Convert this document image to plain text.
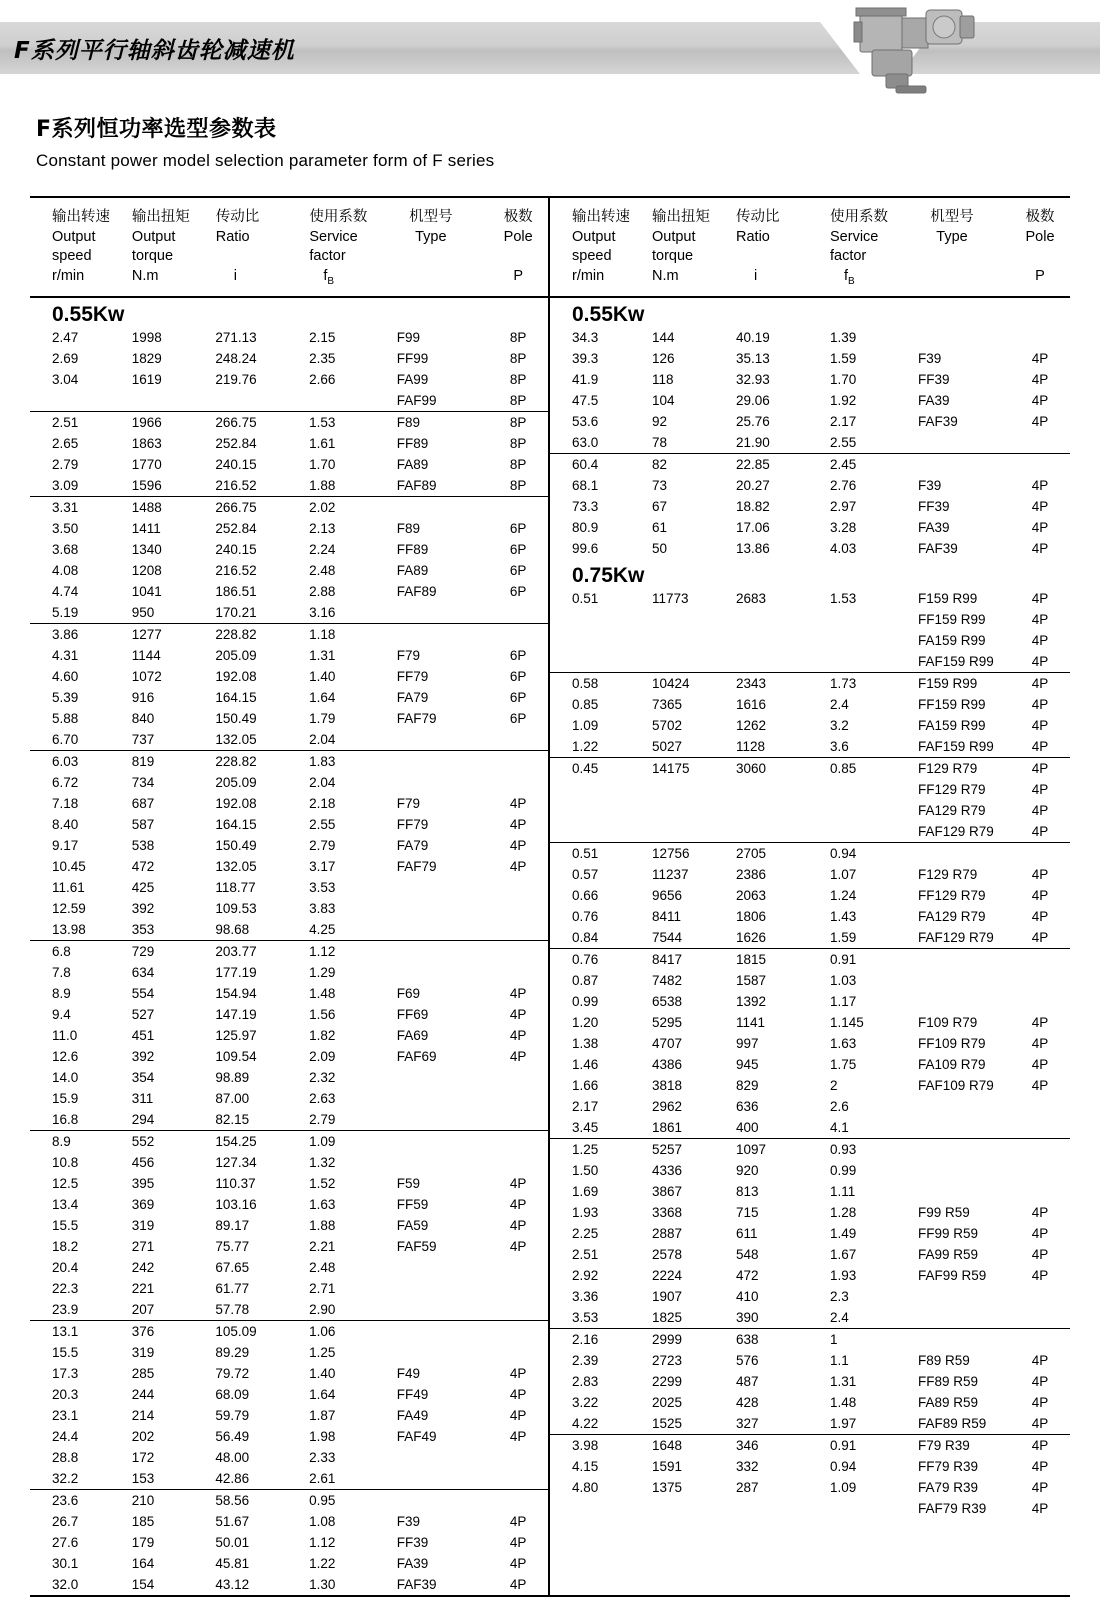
F系列平行轴斜齿轮减速机
F系列恒功率选型参数表
Constant power model selection parameter form of F series
输出转速	输出扭矩	传动比	使用系数	机型号	极数
Output	Output	Ratio	Service	Type	Pole
speed	torque		factor		
r/min	N.m	i	$f_B$		P
0.55Kw					
2.47	1998	271.13	2.15	F99	8P
2.69	1829	248.24	2.35	FF99	8P
3.04	1619	219.76	2.66	FA99	8P
				FAF99	8P
2.51	1966	266.75	1.53	F89	8P
2.65	1863	252.84	1.61	FF89	8P
2.79	1770	240.15	1.70	FA89	8P
3.09	1596	216.52	1.88	FAF89	8P
3.31	1488	266.75	2.02		
3.50	1411	252.84	2.13	F89	6P
3.68	1340	240.15	2.24	FF89	6P
4.08	1208	216.52	2.48	FA89	6P
4.74	1041	186.51	2.88	FAF89	6P
5.19	950	170.21	3.16		
3.86	1277	228.82	1.18		
4.31	1144	205.09	1.31	F79	6P
4.60	1072	192.08	1.40	FF79	6P
5.39	916	164.15	1.64	FA79	6P
5.88	840	150.49	1.79	FAF79	6P
6.70	737	132.05	2.04		
6.03	819	228.82	1.83		
6.72	734	205.09	2.04		
7.18	687	192.08	2.18	F79	4P
8.40	587	164.15	2.55	FF79	4P
9.17	538	150.49	2.79	FA79	4P
10.45	472	132.05	3.17	FAF79	4P
11.61	425	118.77	3.53		
12.59	392	109.53	3.83		
13.98	353	98.68	4.25		
6.8	729	203.77	1.12		
7.8	634	177.19	1.29		
8.9	554	154.94	1.48	F69	4P
9.4	527	147.19	1.56	FF69	4P
11.0	451	125.97	1.82	FA69	4P
12.6	392	109.54	2.09	FAF69	4P
14.0	354	98.89	2.32		
15.9	311	87.00	2.63		
16.8	294	82.15	2.79		
8.9	552	154.25	1.09		
10.8	456	127.34	1.32		
12.5	395	110.37	1.52	F59	4P
13.4	369	103.16	1.63	FF59	4P
15.5	319	89.17	1.88	FA59	4P
18.2	271	75.77	2.21	FAF59	4P
20.4	242	67.65	2.48		
22.3	221	61.77	2.71		
23.9	207	57.78	2.90		
13.1	376	105.09	1.06		
15.5	319	89.29	1.25		
17.3	285	79.72	1.40	F49	4P
20.3	244	68.09	1.64	FF49	4P
23.1	214	59.79	1.87	FA49	4P
24.4	202	56.49	1.98	FAF49	4P
28.8	172	48.00	2.33		
32.2	153	42.86	2.61		
23.6	210	58.56	0.95		
26.7	185	51.67	1.08	F39	4P
27.6	179	50.01	1.12	FF39	4P
30.1	164	45.81	1.22	FA39	4P
32.0	154	43.12	1.30	FAF39	4P
输出转速	输出扭矩	传动比	使用系数	机型号	极数
Output	Output	Ratio	Service	Type	Pole
speed	torque		factor		
r/min	N.m	i	$f_B$		P
0.55Kw					
34.3	144	40.19	1.39		
39.3	126	35.13	1.59	F39	4P
41.9	118	32.93	1.70	FF39	4P
47.5	104	29.06	1.92	FA39	4P
53.6	92	25.76	2.17	FAF39	4P
63.0	78	21.90	2.55		
60.4	82	22.85	2.45		
68.1	73	20.27	2.76	F39	4P
73.3	67	18.82	2.97	FF39	4P
80.9	61	17.06	3.28	FA39	4P
99.6	50	13.86	4.03	FAF39	4P
0.75Kw					
0.51	11773	2683	1.53	F159 R99	4P
				FF159 R99	4P
				FA159 R99	4P
				FAF159 R99	4P
0.58	10424	2343	1.73	F159 R99	4P
0.85	7365	1616	2.4	FF159 R99	4P
1.09	5702	1262	3.2	FA159 R99	4P
1.22	5027	1128	3.6	FAF159 R99	4P
0.45	14175	3060	0.85	F129 R79	4P
				FF129 R79	4P
				FA129 R79	4P
				FAF129 R79	4P
0.51	12756	2705	0.94		
0.57	11237	2386	1.07	F129 R79	4P
0.66	9656	2063	1.24	FF129 R79	4P
0.76	8411	1806	1.43	FA129 R79	4P
0.84	7544	1626	1.59	FAF129 R79	4P
0.76	8417	1815	0.91		
0.87	7482	1587	1.03		
0.99	6538	1392	1.17		
1.20	5295	1141	1.145	F109 R79	4P
1.38	4707	997	1.63	FF109 R79	4P
1.46	4386	945	1.75	FA109 R79	4P
1.66	3818	829	2	FAF109 R79	4P
2.17	2962	636	2.6		
3.45	1861	400	4.1		
1.25	5257	1097	0.93		
1.50	4336	920	0.99		
1.69	3867	813	1.11		
1.93	3368	715	1.28	F99 R59	4P
2.25	2887	611	1.49	FF99 R59	4P
2.51	2578	548	1.67	FA99 R59	4P
2.92	2224	472	1.93	FAF99 R59	4P
3.36	1907	410	2.3		
3.53	1825	390	2.4		
2.16	2999	638	1		
2.39	2723	576	1.1	F89 R59	4P
2.83	2299	487	1.31	FF89 R59	4P
3.22	2025	428	1.48	FA89 R59	4P
4.22	1525	327	1.97	FAF89 R59	4P
3.98	1648	346	0.91	F79 R39	4P
4.15	1591	332	0.94	FF79 R39	4P
4.80	1375	287	1.09	FA79 R39	4P
				FAF79 R39	4P
